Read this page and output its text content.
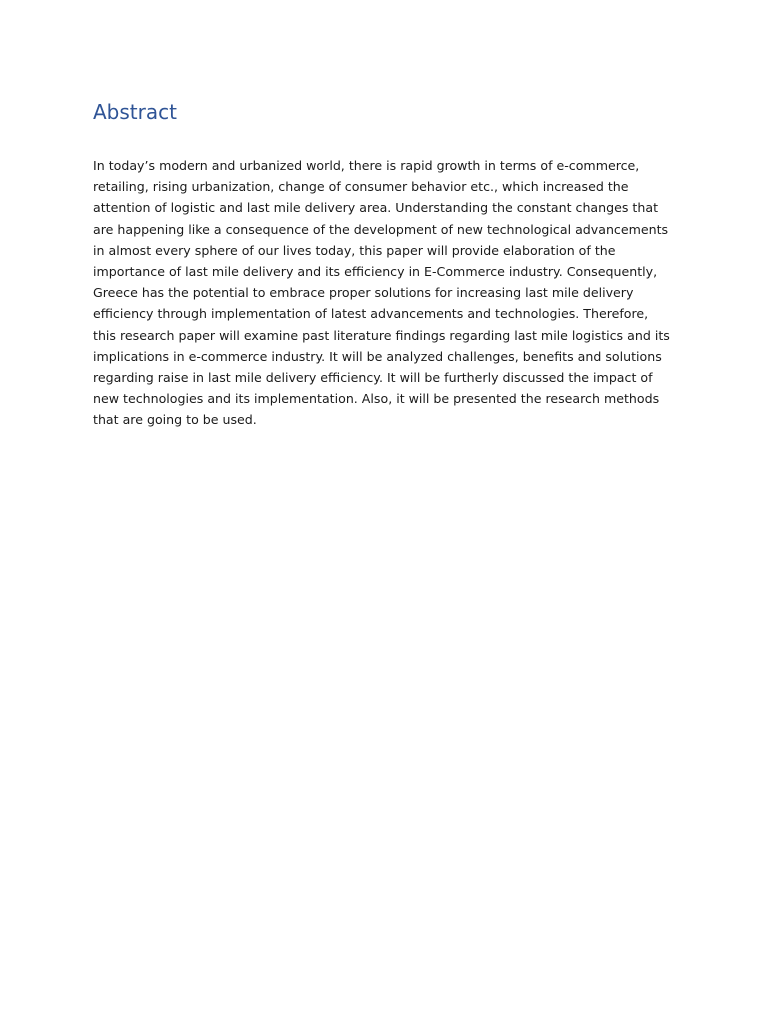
Abstract

In today’s modern and urbanized world, there is rapid growth in terms of e-commerce, retailing, rising urbanization, change of consumer behavior etc., which increased the attention of logistic and last mile delivery area. Understanding the constant changes that are happening like a consequence of the development of new technological advancements in almost every sphere of our lives today, this paper will provide elaboration of the importance of last mile delivery and its efficiency in E-Commerce industry. Consequently, Greece has the potential to embrace proper solutions for increasing last mile delivery efficiency through implementation of latest advancements and technologies. Therefore, this research paper will examine past literature findings regarding last mile logistics and its implications in e-commerce industry. It will be analyzed challenges, benefits and solutions regarding raise in last mile delivery efficiency. It will be furtherly discussed the impact of new technologies and its implementation. Also, it will be presented the research methods that are going to be used.
